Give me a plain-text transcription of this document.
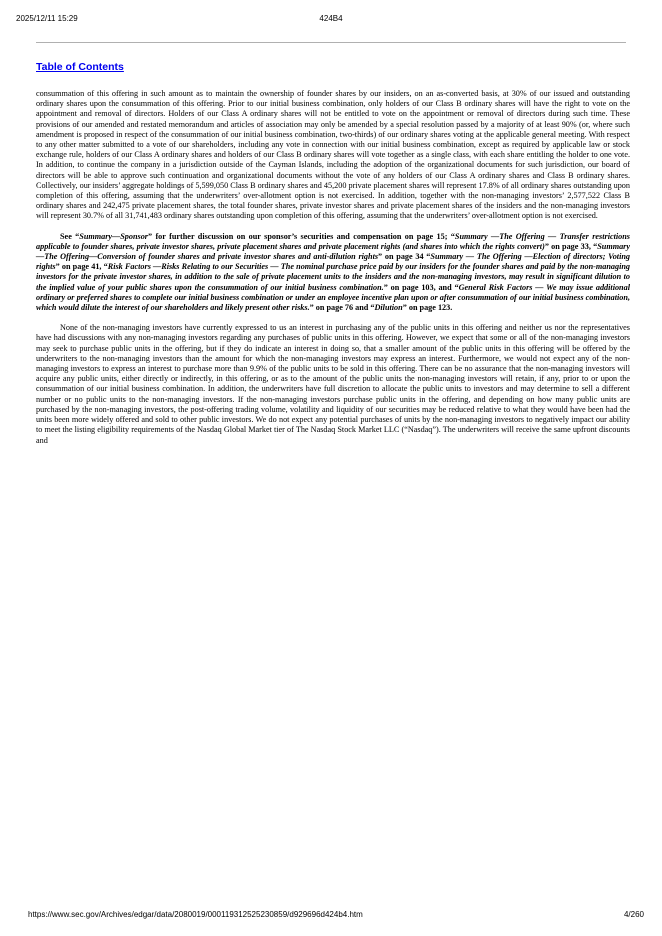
2025/12/11 15:29	424B4
Table of Contents

consummation of this offering in such amount as to maintain the ownership of founder shares by our insiders, on an as-converted basis, at 30% of our issued and outstanding ordinary shares upon the consummation of this offering. Prior to our initial business combination, only holders of our Class B ordinary shares will have the right to vote on the appointment and removal of directors. Holders of our Class A ordinary shares will not be entitled to vote on the appointment or removal of directors during such time. These provisions of our amended and restated memorandum and articles of association may only be amended by a special resolution passed by a majority of at least 90% (or, where such amendment is proposed in respect of the consummation of our initial business combination, two-thirds) of our ordinary shares voting at the applicable general meeting. With respect to any other matter submitted to a vote of our shareholders, including any vote in connection with our initial business combination, except as required by applicable law or stock exchange rule, holders of our Class A ordinary shares and holders of our Class B ordinary shares will vote together as a single class, with each share entitling the holder to one vote. In addition, to continue the company in a jurisdiction outside of the Cayman Islands, including the adoption of the organizational documents for such jurisdiction, our board of directors will be able to approve such continuation and organizational documents without the vote of any holders of our Class A ordinary shares and Class B ordinary shares. Collectively, our insiders’ aggregate holdings of 5,599,050 Class B ordinary shares and 45,200 private placement shares will represent 17.8% of all ordinary shares outstanding upon completion of this offering, assuming that the underwriters’ over-allotment option is not exercised. In addition, together with the non-managing investors’ 2,577,522 Class B ordinary shares and 242,475 private placement shares, the total founder shares, private investor shares and private placement shares of the insiders and the non-managing investors will represent 30.7% of all 31,741,483 ordinary shares outstanding upon completion of this offering, assuming that the underwriters’ over-allotment option is not exercised.

See “Summary—Sponsor” for further discussion on our sponsor’s securities and compensation on page 15; “Summary —The Offering — Transfer restrictions applicable to founder shares, private investor shares, private placement shares and private placement rights (and shares into which the rights convert)” on page 33, “Summary —The Offering—Conversion of founder shares and private investor shares and anti-dilution rights” on page 34 “Summary — The Offering —Election of directors; Voting rights” on page 41, “Risk Factors —Risks Relating to our Securities — The nominal purchase price paid by our insiders for the founder shares and paid by the non-managing investors for the private investor shares, in addition to the sale of private placement units to the insiders and the non-managing investors, may result in significant dilution to the implied value of your public shares upon the consummation of our initial business combination.” on page 103, and “General Risk Factors — We may issue additional ordinary or preferred shares to complete our initial business combination or under an employee incentive plan upon or after consummation of our initial business combination, which would dilute the interest of our shareholders and likely present other risks.” on page 76 and “Dilution” on page 123.

None of the non-managing investors have currently expressed to us an interest in purchasing any of the public units in this offering and neither us nor the representatives have had discussions with any non-managing investors regarding any purchases of public units in this offering. However, we expect that some or all of the non-managing investors may seek to purchase public units in the offering, but if they do indicate an interest in doing so, that a smaller amount of the public units in this offering will be offered by the underwriters to the non-managing investors than the amount for which the non-managing investors may express an interest. Furthermore, we would not expect any of the non-managing investors to express an interest to purchase more than 9.9% of the public units to be sold in this offering. There can be no assurance that the non-managing investors will acquire any public units, either directly or indirectly, in this offering, or as to the amount of the public units the non-managing investors will retain, if any, prior to or upon the consummation of our initial business combination. In addition, the underwriters have full discretion to allocate the public units to investors and may determine to sell a different number or no public units to the non-managing investors. If the non-managing investors purchase public units in the offering, and depending on how many public units are purchased by the non-managing investors, the post-offering trading volume, volatility and liquidity of our securities may be reduced relative to what they would have been had the units been more widely offered and sold to other public investors. We do not expect any potential purchases of units by the non-managing investors to negatively impact our ability to meet the listing eligibility requirements of the Nasdaq Global Market tier of The Nasdaq Stock Market LLC (“Nasdaq”). The underwriters will receive the same upfront discounts and

https://www.sec.gov/Archives/edgar/data/2080019/000119312525230859/d929696d424b4.htm	4/260
